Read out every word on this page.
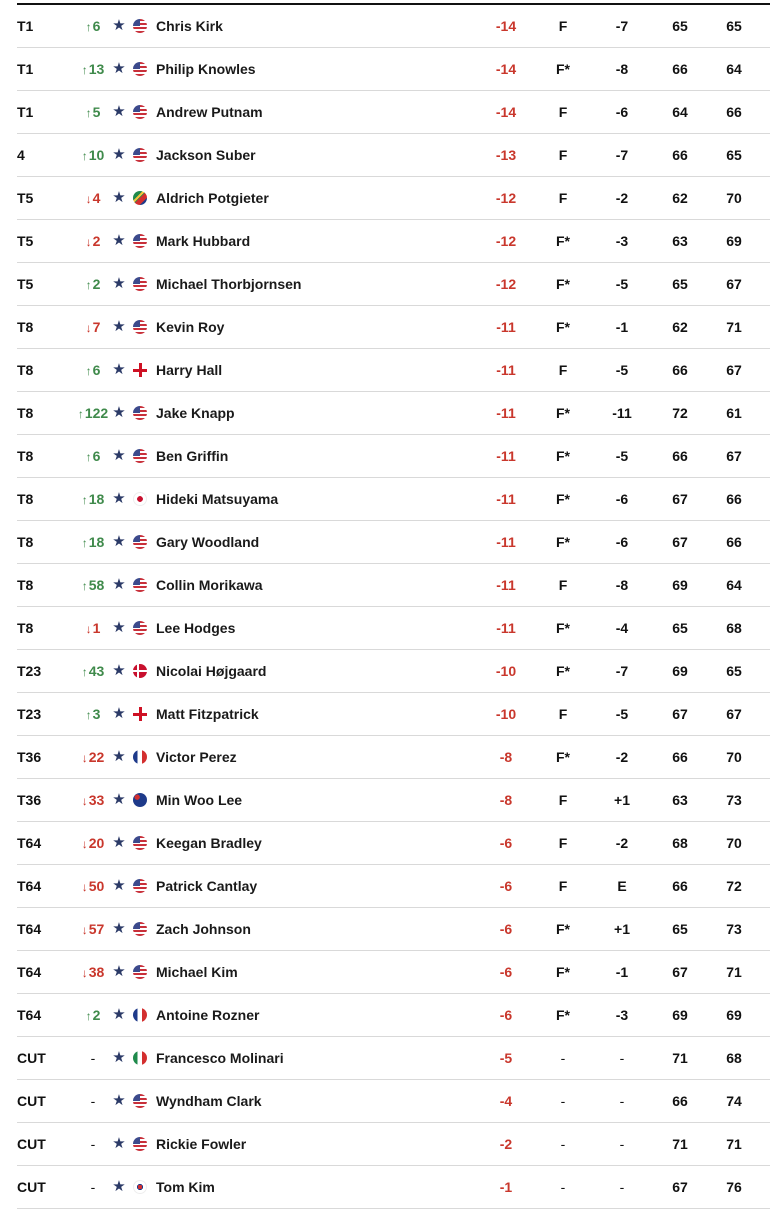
T1	↑6 ★ Chris Kirk	-14	F	-7	65	65
T1	↑13 ★ Philip Knowles	-14	F*	-8	66	64
T1	↑5 ★ Andrew Putnam	-14	F	-6	64	66
4	↑10 ★ Jackson Suber	-13	F	-7	66	65
T5	↓4 ★ Aldrich Potgieter	-12	F	-2	62	70
T5	↓2 ★ Mark Hubbard	-12	F*	-3	63	69
T5	↑2 ★ Michael Thorbjornsen	-12	F*	-5	65	67
T8	↓7 ★ Kevin Roy	-11	F*	-1	62	71
T8	↑6 ★ Harry Hall	-11	F	-5	66	67
T8	↑122 ★ Jake Knapp	-11	F*	-11	72	61
T8	↑6 ★ Ben Griffin	-11	F*	-5	66	67
T8	↑18 ★ Hideki Matsuyama	-11	F*	-6	67	66
T8	↑18 ★ Gary Woodland	-11	F*	-6	67	66
T8	↑58 ★ Collin Morikawa	-11	F	-8	69	64
T8	↓1 ★ Lee Hodges	-11	F*	-4	65	68
T23	↑43 ★ Nicolai Højgaard	-10	F*	-7	69	65
T23	↑3 ★ Matt Fitzpatrick	-10	F	-5	67	67
T36	↓22 ★ Victor Perez	-8	F*	-2	66	70
T36	↓33 ★ Min Woo Lee	-8	F	+1	63	73
T64	↓20 ★ Keegan Bradley	-6	F	-2	68	70
T64	↓50 ★ Patrick Cantlay	-6	F	E	66	72
T64	↓57 ★ Zach Johnson	-6	F*	+1	65	73
T64	↓38 ★ Michael Kim	-6	F*	-1	67	71
T64	↑2 ★ Antoine Rozner	-6	F*	-3	69	69
CUT	-	★ Francesco Molinari	-5	-	-	71	68
CUT	-	★ Wyndham Clark	-4	-	-	66	74
CUT	-	★ Rickie Fowler	-2	-	-	71	71
CUT	-	★ Tom Kim	-1	-	-	67	76
